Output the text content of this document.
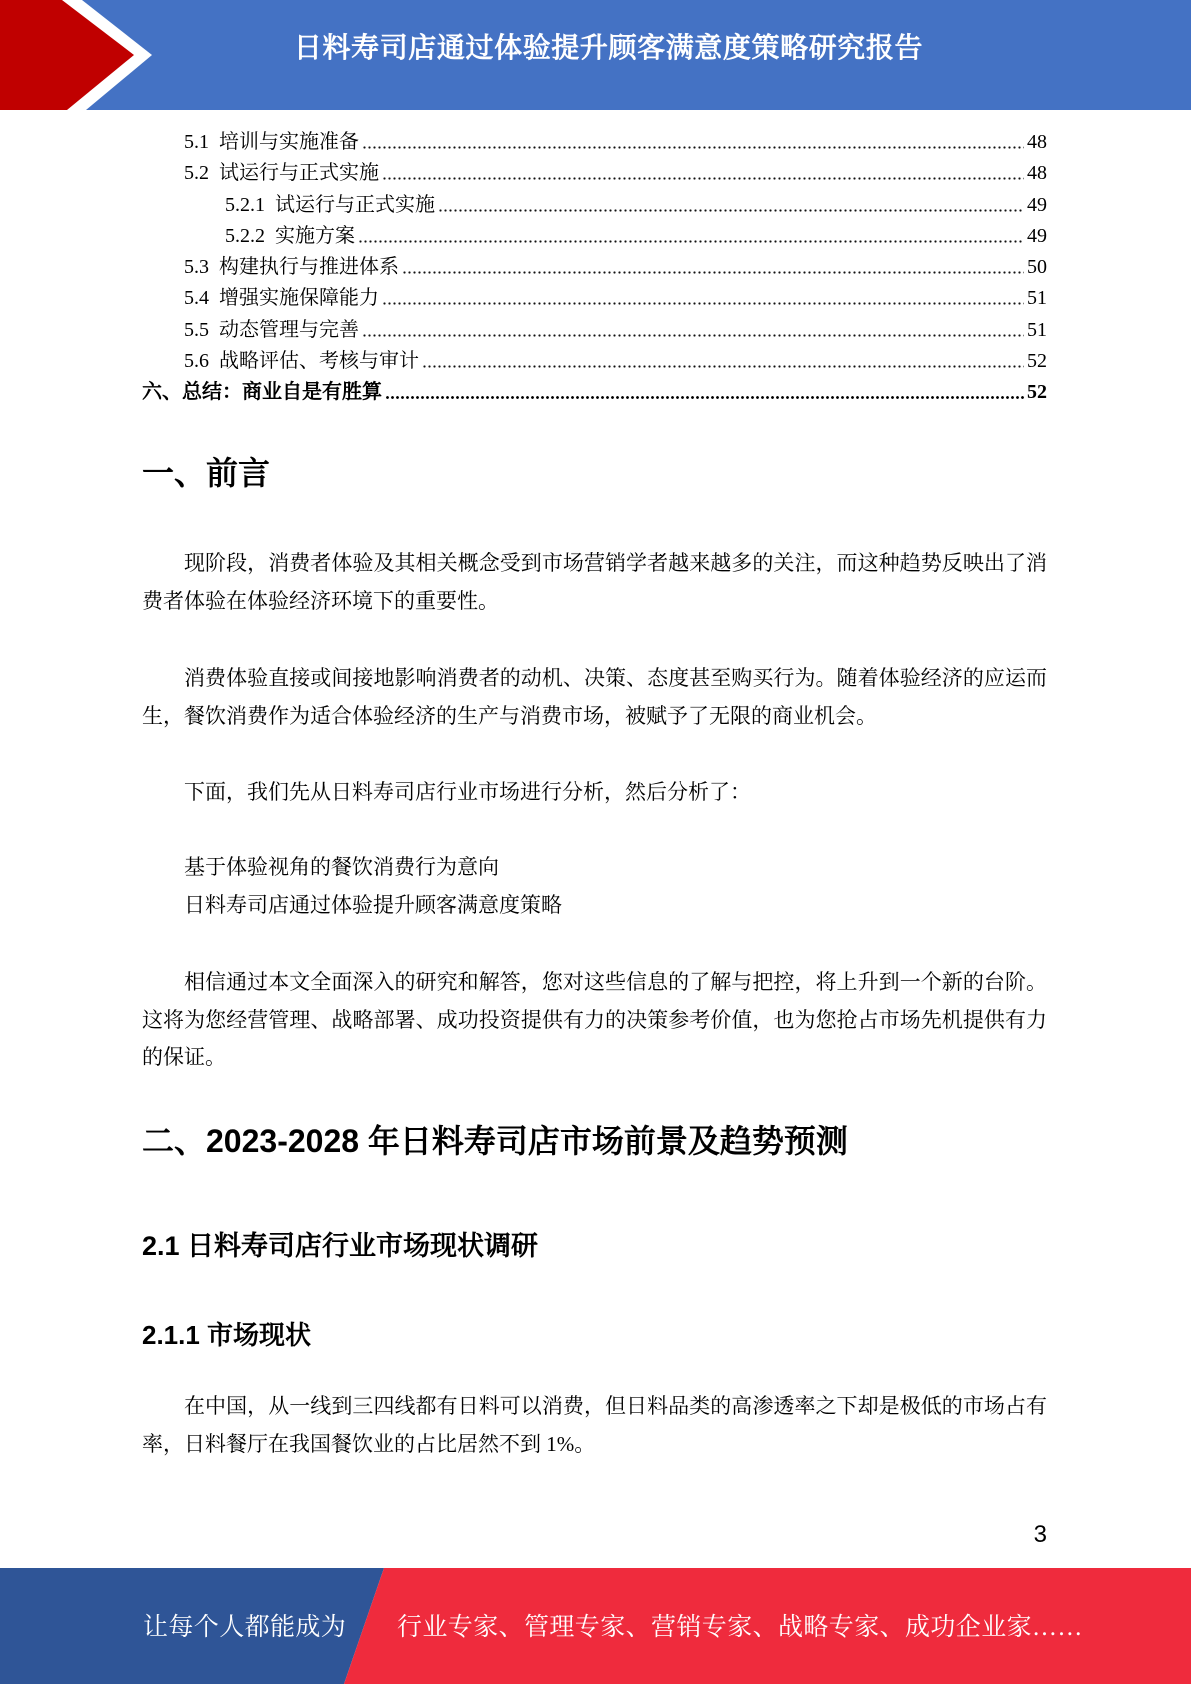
日料寿司店通过体验提升顾客满意度策略研究报告
5.1 培训与实施准备	48
5.2 试运行与正式实施	48
5.2.1 试运行与正式实施	49
5.2.2 实施方案	49
5.3 构建执行与推进体系	50
5.4 增强实施保障能力	51
5.5 动态管理与完善	51
5.6 战略评估、考核与审计	52
六、总结：商业自是有胜算	52
一、前言

现阶段，消费者体验及其相关概念受到市场营销学者越来越多的关注，而这种趋势反映出了消费者体验在体验经济环境下的重要性。

消费体验直接或间接地影响消费者的动机、决策、态度甚至购买行为。随着体验经济的应运而生，餐饮消费作为适合体验经济的生产与消费市场，被赋予了无限的商业机会。

下面，我们先从日料寿司店行业市场进行分析，然后分析了：

基于体验视角的餐饮消费行为意向
日料寿司店通过体验提升顾客满意度策略

相信通过本文全面深入的研究和解答，您对这些信息的了解与把控，将上升到一个新的台阶。这将为您经营管理、战略部署、成功投资提供有力的决策参考价值，也为您抢占市场先机提供有力的保证。

二、2023-2028 年日料寿司店市场前景及趋势预测
2.1 日料寿司店行业市场现状调研
2.1.1 市场现状

在中国，从一线到三四线都有日料可以消费，但日料品类的高渗透率之下却是极低的市场占有率，日料餐厅在我国餐饮业的占比居然不到 1%。

3
让每个人都能成为 行业专家、管理专家、营销专家、战略专家、成功企业家……
